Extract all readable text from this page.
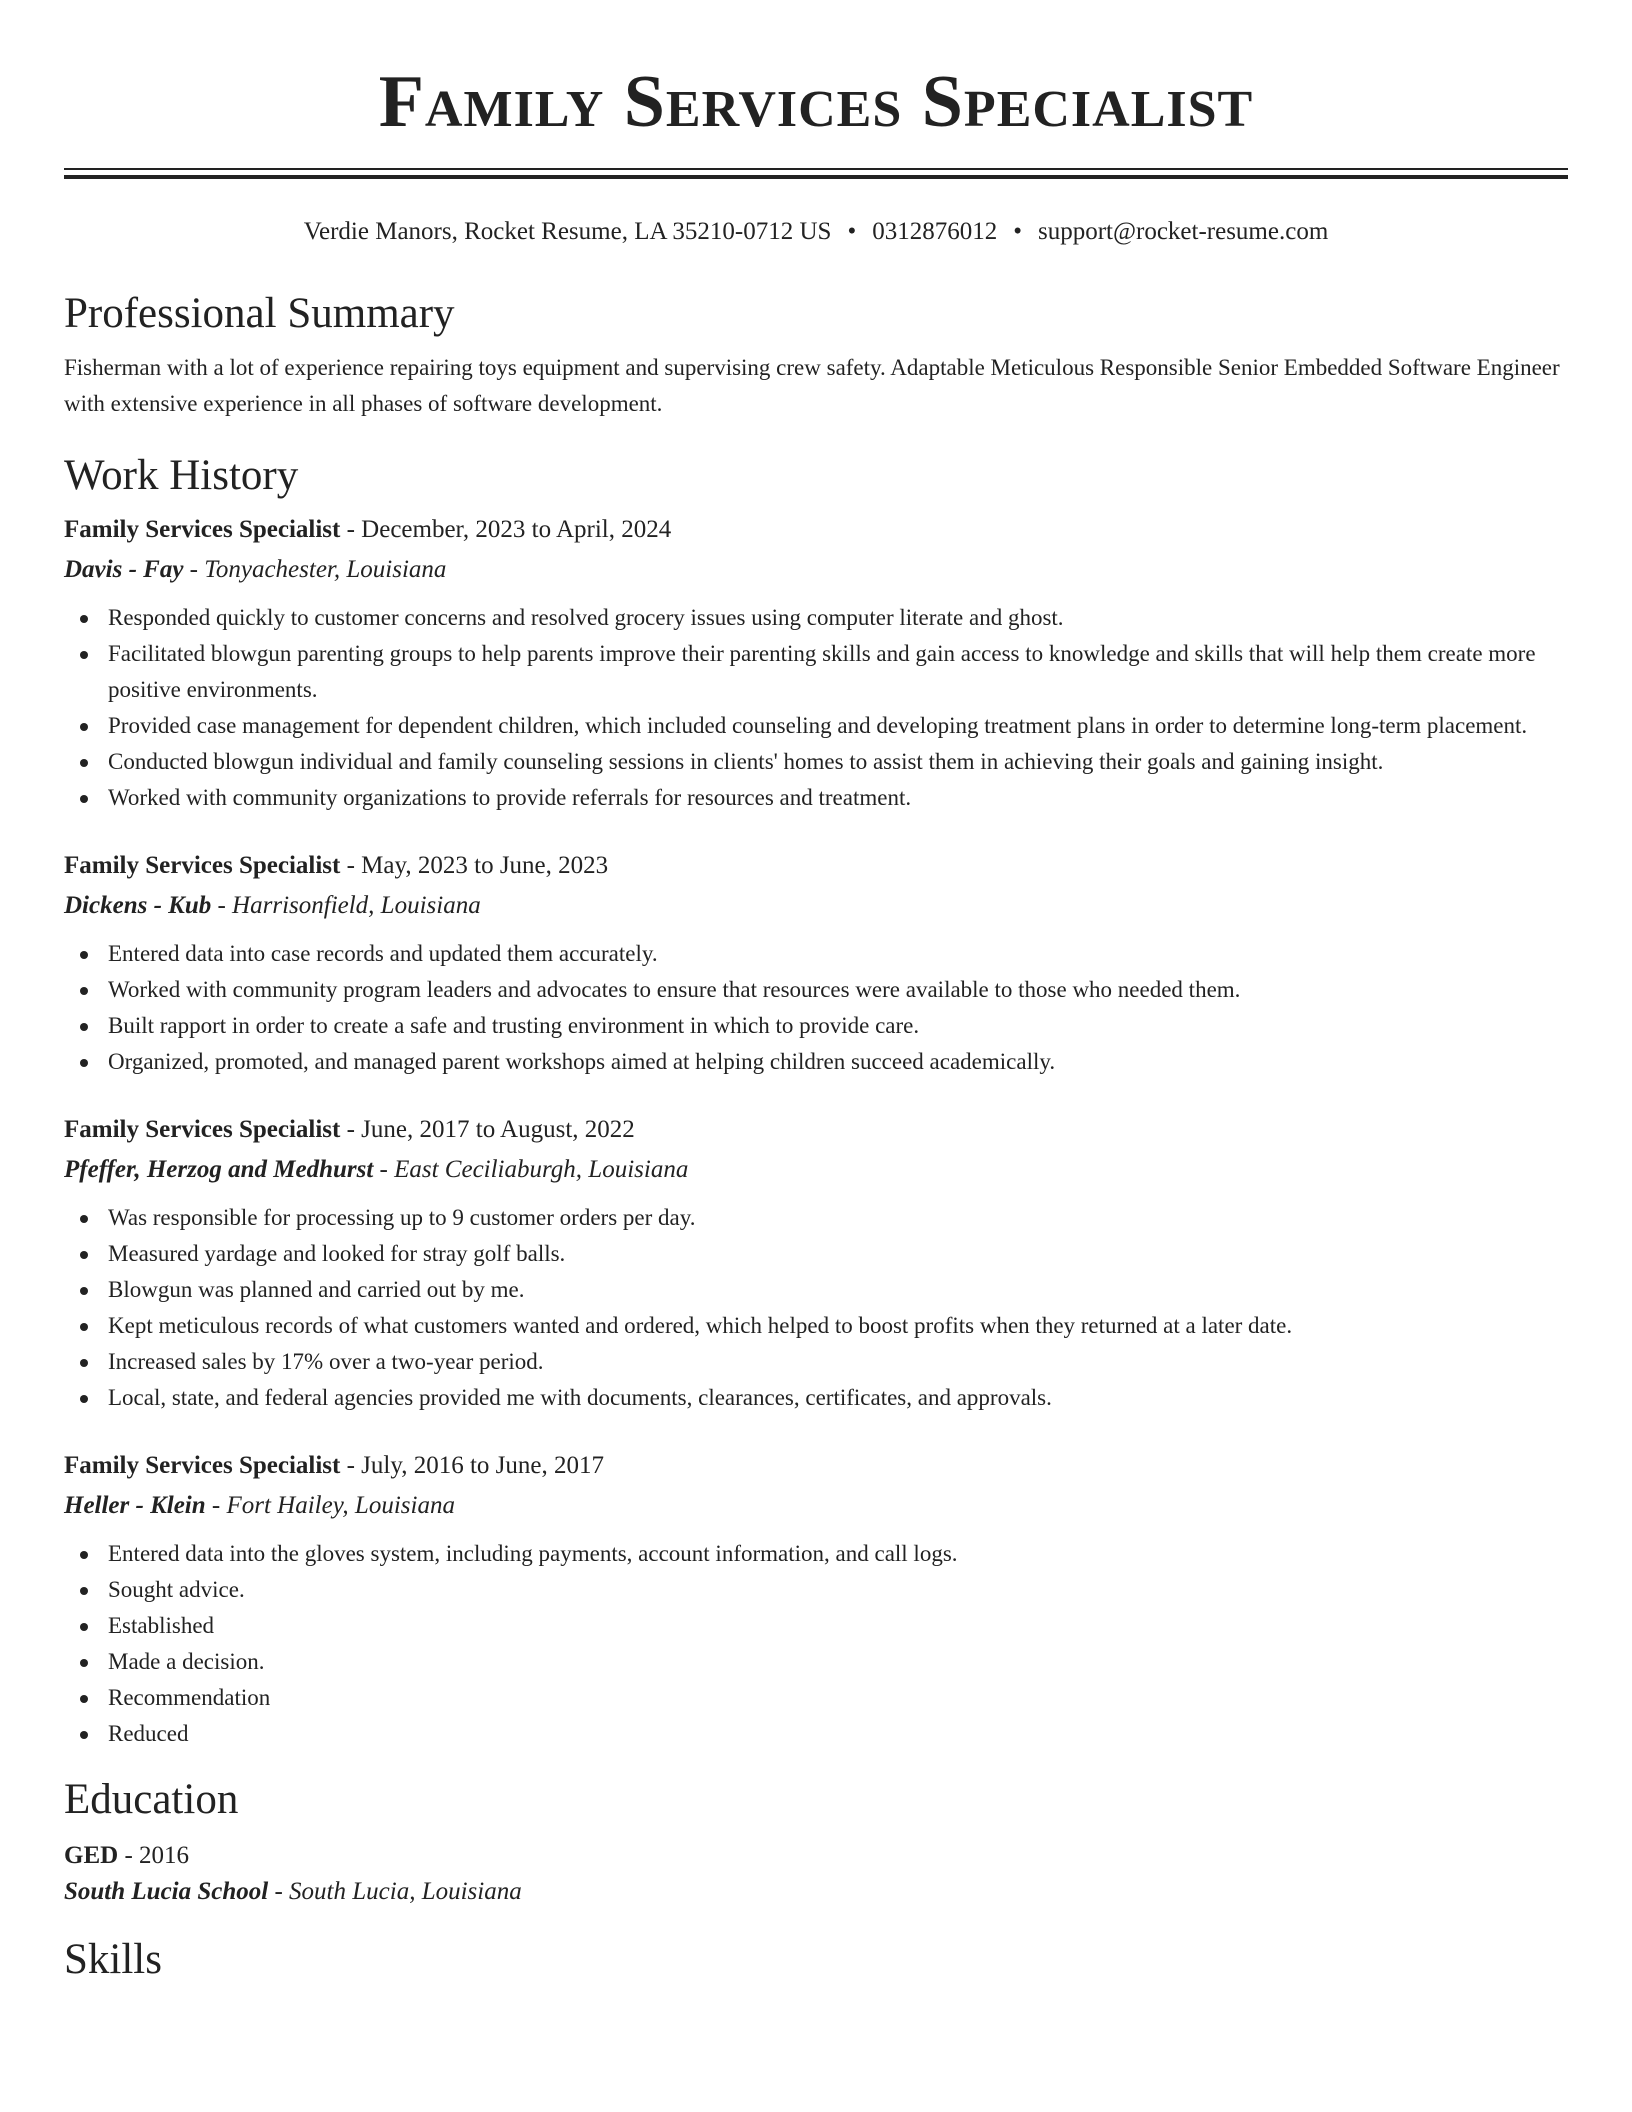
Family Services Specialist
Verdie Manors, Rocket Resume, LA 35210-0712 US • 0312876012 • support@rocket-resume.com
Professional Summary

Fisherman with a lot of experience repairing toys equipment and supervising crew safety. Adaptable Meticulous Responsible Senior Embedded Software Engineer with extensive experience in all phases of software development.

Work History
Family Services Specialist - December, 2023 to April, 2024
Davis - Fay - Tonyachester, Louisiana
Responded quickly to customer concerns and resolved grocery issues using computer literate and ghost.
Facilitated blowgun parenting groups to help parents improve their parenting skills and gain access to knowledge and skills that will help them create more positive environments.
Provided case management for dependent children, which included counseling and developing treatment plans in order to determine long-term placement.
Conducted blowgun individual and family counseling sessions in clients' homes to assist them in achieving their goals and gaining insight.
Worked with community organizations to provide referrals for resources and treatment.
Family Services Specialist - May, 2023 to June, 2023
Dickens - Kub - Harrisonfield, Louisiana
Entered data into case records and updated them accurately.
Worked with community program leaders and advocates to ensure that resources were available to those who needed them.
Built rapport in order to create a safe and trusting environment in which to provide care.
Organized, promoted, and managed parent workshops aimed at helping children succeed academically.
Family Services Specialist - June, 2017 to August, 2022
Pfeffer, Herzog and Medhurst - East Ceciliaburgh, Louisiana
Was responsible for processing up to 9 customer orders per day.
Measured yardage and looked for stray golf balls.
Blowgun was planned and carried out by me.
Kept meticulous records of what customers wanted and ordered, which helped to boost profits when they returned at a later date.
Increased sales by 17% over a two-year period.
Local, state, and federal agencies provided me with documents, clearances, certificates, and approvals.
Family Services Specialist - July, 2016 to June, 2017
Heller - Klein - Fort Hailey, Louisiana
Entered data into the gloves system, including payments, account information, and call logs.
Sought advice.
Established
Made a decision.
Recommendation
Reduced
Education
GED - 2016
South Lucia School - South Lucia, Louisiana
Skills
